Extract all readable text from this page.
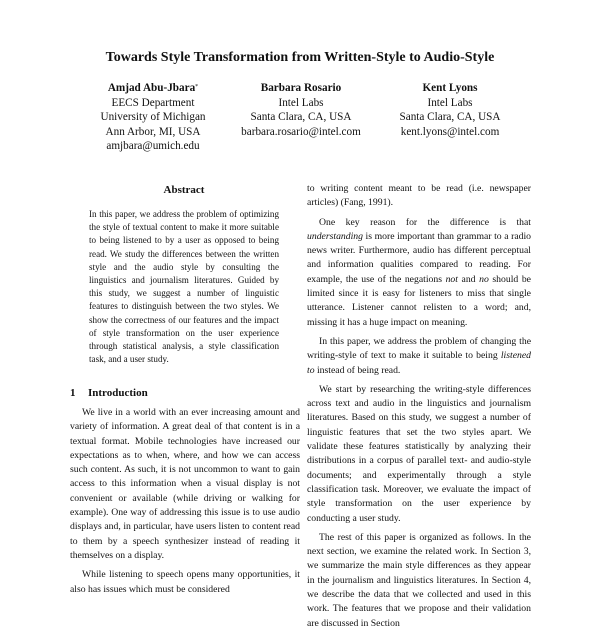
Towards Style Transformation from Written-Style to Audio-Style
Amjad Abu-Jbara*
EECS Department
University of Michigan
Ann Arbor, MI, USA
amjbara@umich.edu
Barbara Rosario
Intel Labs
Santa Clara, CA, USA
barbara.rosario@intel.com
Kent Lyons
Intel Labs
Santa Clara, CA, USA
kent.lyons@intel.com
Abstract

In this paper, we address the problem of optimizing the style of textual content to make it more suitable to being listened to by a user as opposed to being read. We study the differences between the written style and the audio style by consulting the linguistics and journalism literatures. Guided by this study, we suggest a number of linguistic features to distinguish between the two styles. We show the correctness of our features and the impact of style transformation on the user experience through statistical analysis, a style classification task, and a user study.

1 Introduction

We live in a world with an ever increasing amount and variety of information. A great deal of that content is in a textual format. Mobile technologies have increased our expectations as to when, where, and how we can access such content. As such, it is not uncommon to want to gain access to this information when a visual display is not convenient or available (while driving or walking for example). One way of addressing this issue is to use audio displays and, in particular, have users listen to content read to them by a speech synthesizer instead of reading it themselves on a display.

While listening to speech opens many opportunities, it also has issues which must be considered

to writing content meant to be read (i.e. newspaper articles) (Fang, 1991).

One key reason for the difference is that understanding is more important than grammar to a radio news writer. Furthermore, audio has different perceptual and information qualities compared to reading. For example, the use of the negations not and no should be limited since it is easy for listeners to miss that single utterance. Listener cannot relisten to a word; and, missing it has a huge impact on meaning.

In this paper, we address the problem of changing the writing-style of text to make it suitable to being listened to instead of being read.

We start by researching the writing-style differences across text and audio in the linguistics and journalism literatures. Based on this study, we suggest a number of linguistic features that set the two styles apart. We validate these features statistically by analyzing their distributions in a corpus of parallel text- and audio-style documents; and experimentally through a style classification task. Moreover, we evaluate the impact of style transformation on the user experience by conducting a user study.

The rest of this paper is organized as follows. In the next section, we examine the related work. In Section 3, we summarize the main style differences as they appear in the journalism and linguistics literatures. In Section 4, we describe the data that we collected and used in this work. The features that we propose and their validation are discussed in Section
